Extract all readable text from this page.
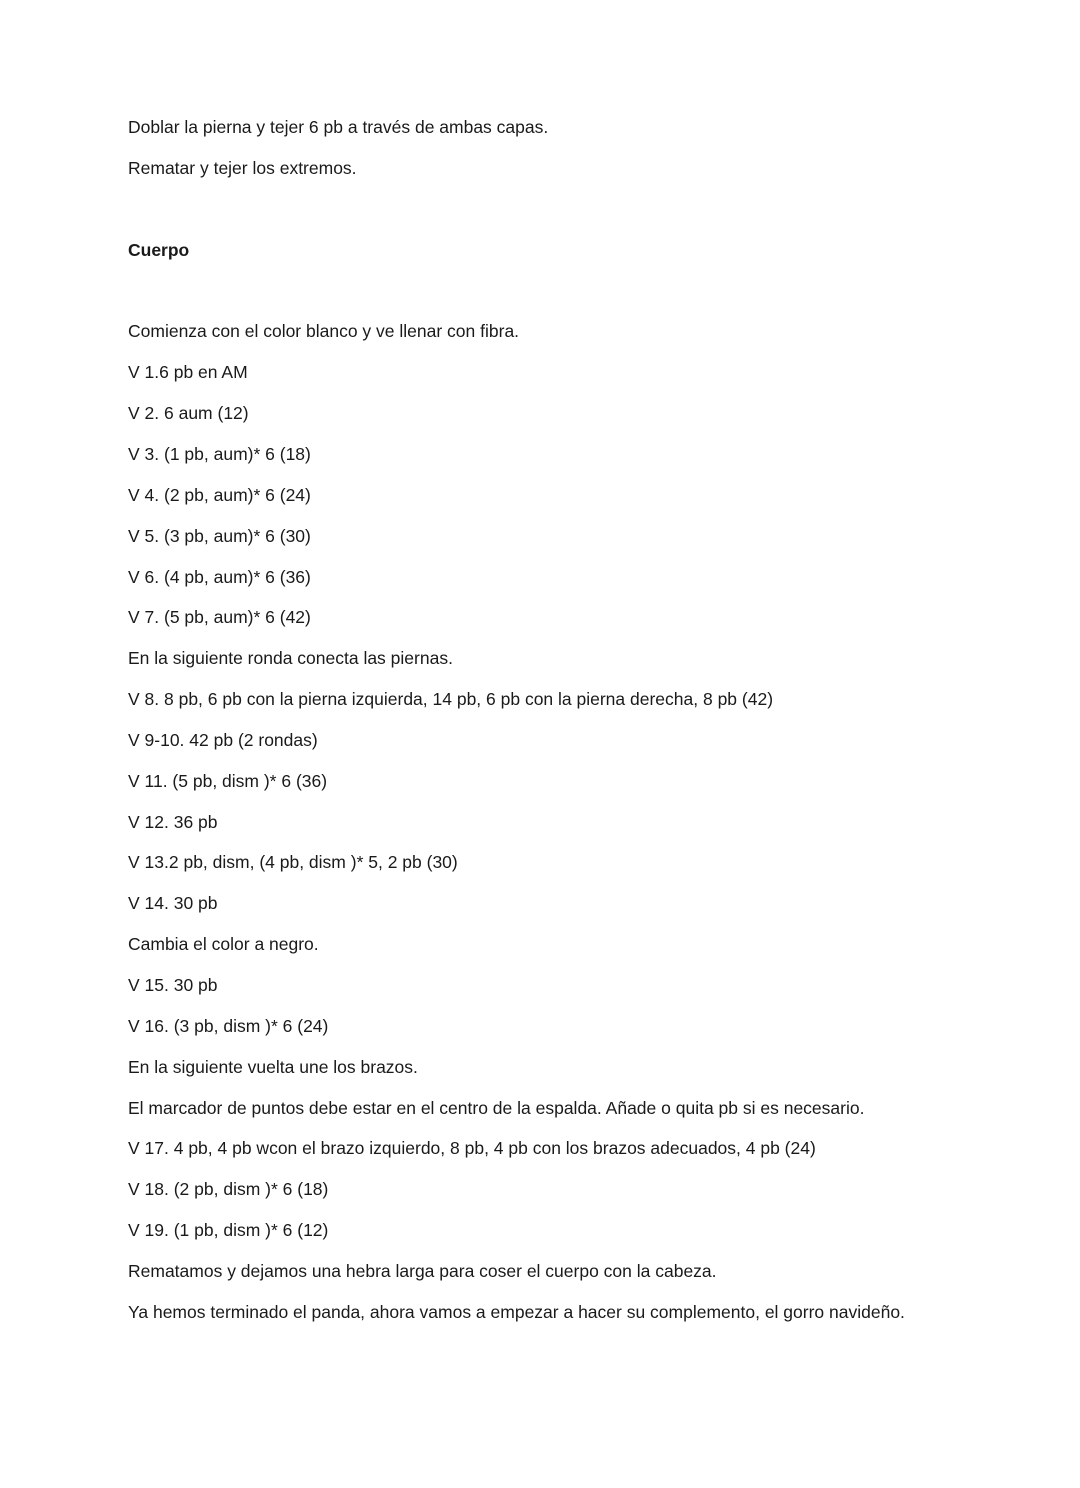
Doblar la pierna y tejer 6 pb a través de ambas capas.
Rematar y tejer los extremos.
Cuerpo
Comienza con el color blanco y ve llenar con fibra.
V 1.6 pb en AM
V 2. 6 aum (12)
V 3. (1 pb, aum)* 6 (18)
V 4. (2 pb, aum)* 6 (24)
V 5. (3 pb, aum)* 6 (30)
V 6. (4 pb, aum)* 6 (36)
V 7. (5 pb, aum)* 6 (42)
En la siguiente ronda conecta las piernas.
V 8. 8 pb, 6 pb con la pierna izquierda, 14 pb, 6 pb con la pierna derecha, 8 pb (42)
V 9-10. 42 pb (2 rondas)
V 11. (5 pb, dism )* 6 (36)
V 12. 36 pb
V 13.2 pb, dism, (4 pb, dism )* 5, 2 pb (30)
V 14. 30 pb
Cambia el color a negro.
V 15. 30 pb
V 16. (3 pb, dism )* 6 (24)
En la siguiente vuelta une los brazos.
El marcador de puntos debe estar en el centro de la espalda. Añade o quita pb si es necesario.
V 17. 4 pb, 4 pb wcon el brazo izquierdo, 8 pb, 4 pb con los brazos adecuados, 4 pb (24)
V 18. (2 pb, dism )* 6 (18)
V 19. (1 pb, dism )* 6 (12)
Rematamos y dejamos una hebra larga para coser el cuerpo con la cabeza.
Ya hemos terminado el panda, ahora vamos a empezar a hacer su complemento, el gorro navideño.
